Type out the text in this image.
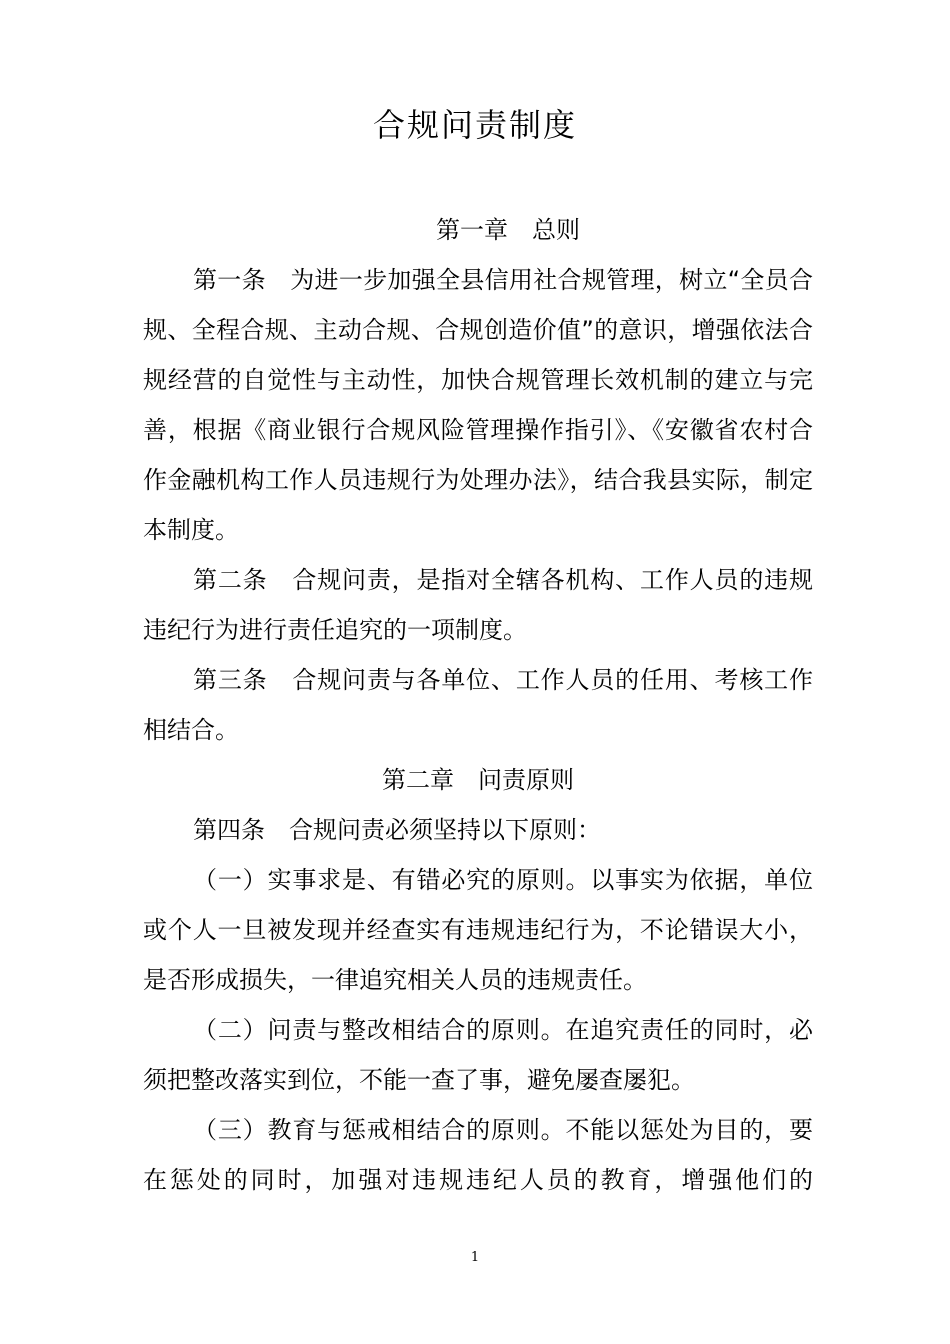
合规问责制度

第一章　总则

第一条　为进一步加强全县信用社合规管理，树立“全员合规、全程合规、主动合规、合规创造价值”的意识，增强依法合规经营的自觉性与主动性，加快合规管理长效机制的建立与完善，根据《商业银行合规风险管理操作指引》、《安徽省农村合作金融机构工作人员违规行为处理办法》，结合我县实际，制定本制度。

第二条　合规问责，是指对全辖各机构、工作人员的违规违纪行为进行责任追究的一项制度。

第三条　合规问责与各单位、工作人员的任用、考核工作相结合。

第二章　问责原则

第四条　合规问责必须坚持以下原则：

（一）实事求是、有错必究的原则。以事实为依据，单位或个人一旦被发现并经查实有违规违纪行为，不论错误大小，是否形成损失，一律追究相关人员的违规责任。

（二）问责与整改相结合的原则。在追究责任的同时，必须把整改落实到位，不能一查了事，避免屡查屡犯。

（三）教育与惩戒相结合的原则。不能以惩处为目的，要在惩处的同时，加强对违规违纪人员的教育，增强他们的

1
